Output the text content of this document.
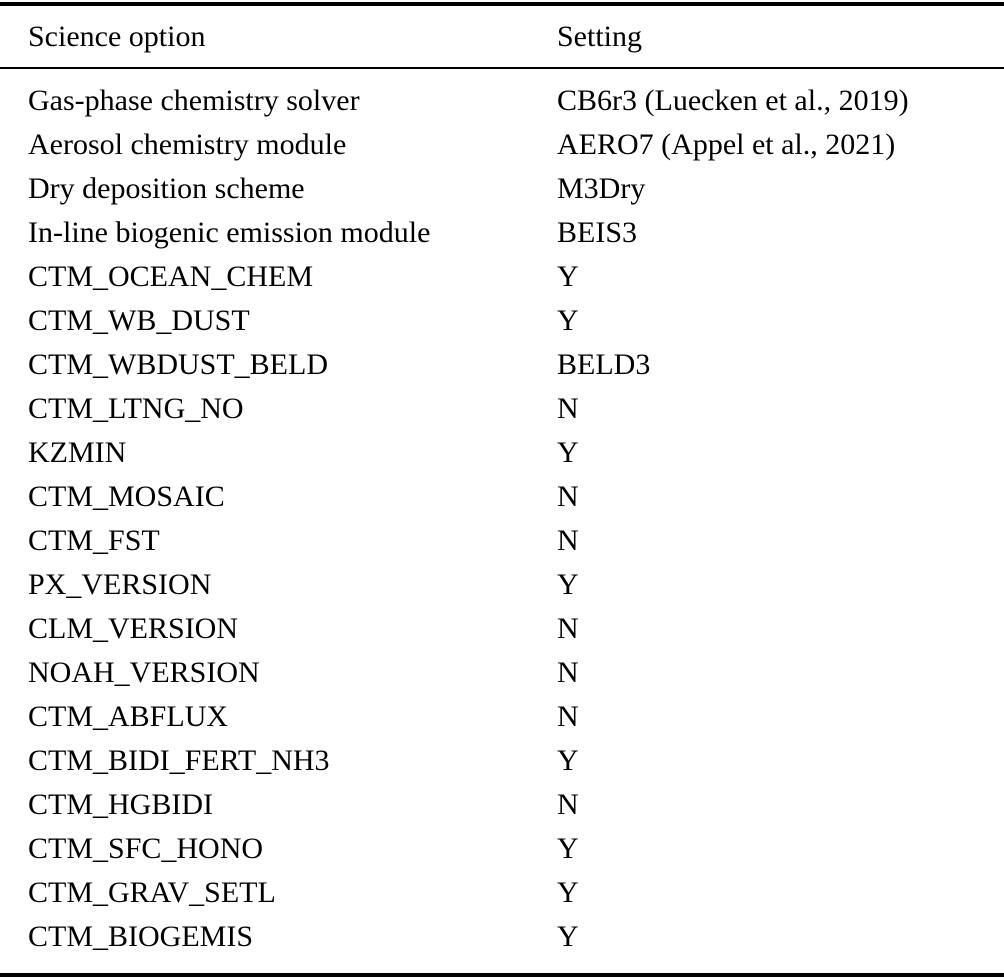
Science option	Setting
Gas-phase chemistry solver	CB6r3 (Luecken et al., 2019)
Aerosol chemistry module	AERO7 (Appel et al., 2021)
Dry deposition scheme	M3Dry
In-line biogenic emission module	BEIS3
CTM_OCEAN_CHEM	Y
CTM_WB_DUST	Y
CTM_WBDUST_BELD	BELD3
CTM_LTNG_NO	N
KZMIN	Y
CTM_MOSAIC	N
CTM_FST	N
PX_VERSION	Y
CLM_VERSION	N
NOAH_VERSION	N
CTM_ABFLUX	N
CTM_BIDI_FERT_NH3	Y
CTM_HGBIDI	N
CTM_SFC_HONO	Y
CTM_GRAV_SETL	Y
CTM_BIOGEMIS	Y
